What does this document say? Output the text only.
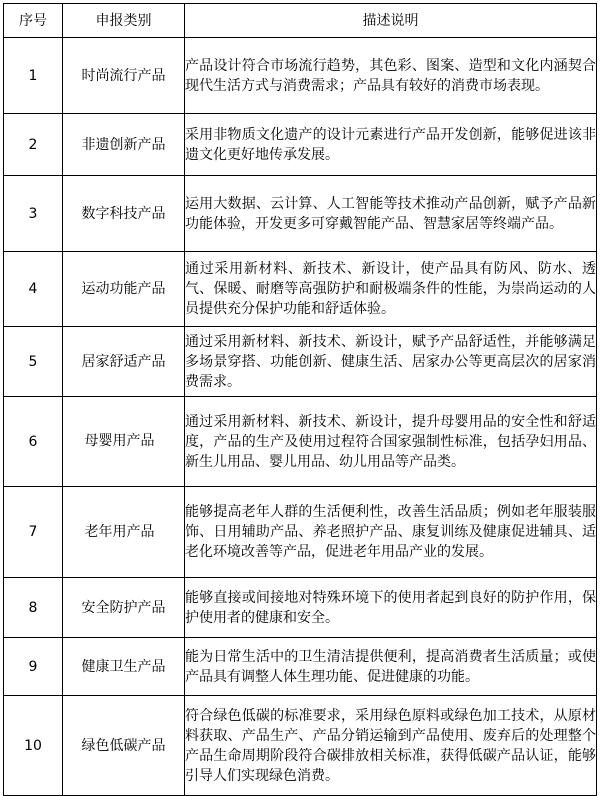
序号	申报类别	描述说明
1	时尚流行产品	产品设计符合市场流行趋势，其色彩、图案、造型和文化内涵契合现代生活方式与消费需求；产品具有较好的消费市场表现。
2	非遗创新产品	采用非物质文化遗产的设计元素进行产品开发创新，能够促进该非遗文化更好地传承发展。
3	数字科技产品	运用大数据、云计算、人工智能等技术推动产品创新，赋予产品新功能体验，开发更多可穿戴智能产品、智慧家居等终端产品。
4	运动功能产品	通过采用新材料、新技术、新设计，使产品具有防风、防水、透气、保暖、耐磨等高强防护和耐极端条件的性能，为崇尚运动的人员提供充分保护功能和舒适体验。
5	居家舒适产品	通过采用新材料、新技术、新设计，赋予产品舒适性，并能够满足多场景穿搭、功能创新、健康生活、居家办公等更高层次的居家消费需求。
6	母婴用产品	通过采用新材料、新技术、新设计，提升母婴用品的安全性和舒适度，产品的生产及使用过程符合国家强制性标准，包括孕妇用品、新生儿用品、婴儿用品、幼儿用品等产品类。
7	老年用产品	能够提高老年人群的生活便利性，改善生活品质；例如老年服装服饰、日用辅助产品、养老照护产品、康复训练及健康促进辅具、适老化环境改善等产品，促进老年用品产业的发展。
8	安全防护产品	能够直接或间接地对特殊环境下的使用者起到良好的防护作用，保护使用者的健康和安全。
9	健康卫生产品	能为日常生活中的卫生清洁提供便利，提高消费者生活质量；或使产品具有调整人体生理功能、促进健康的功能。
10	绿色低碳产品	符合绿色低碳的标准要求，采用绿色原料或绿色加工技术，从原材料获取、产品生产、产品分销运输到产品使用、废弃后的处理整个产品生命周期阶段符合碳排放相关标准，获得低碳产品认证，能够引导人们实现绿色消费。
